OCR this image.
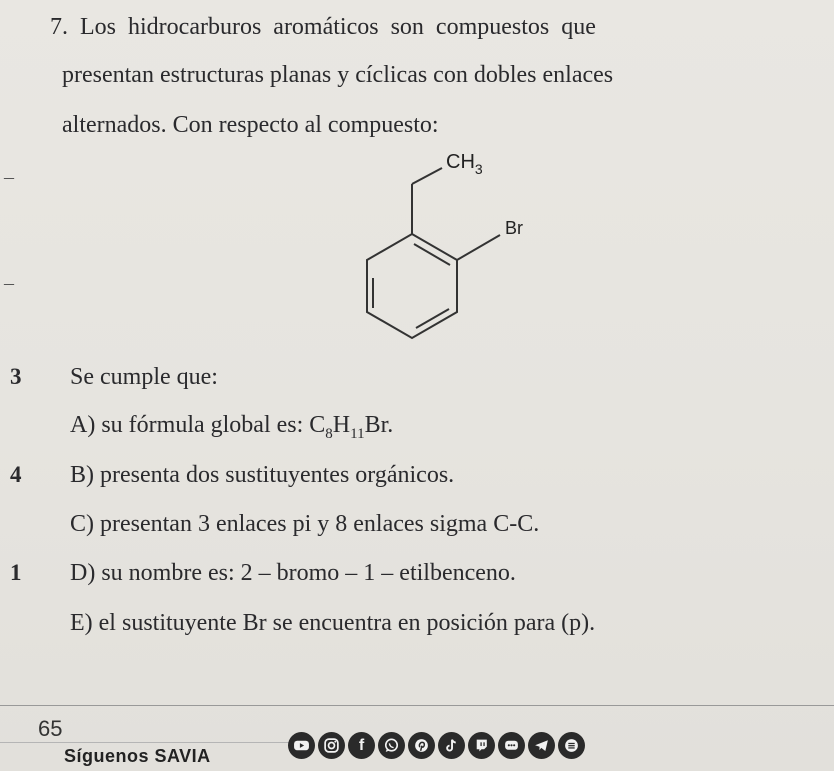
7. Los hidrocarburos aromáticos son compuestos que
presentan estructuras planas y cíclicas con dobles enlaces
alternados. Con respecto al compuesto:
–
–
$CH_3$
Br
3 Se cumple que:
A) su fórmula global es: $C_8H_{11}Br$.
4 B) presenta dos sustituyentes orgánicos.
C) presentan 3 enlaces pi y 8 enlaces sigma C-C.
1 D) su nombre es: 2 – bromo – 1 – etilbenceno.
E) el sustituyente Br se encuentra en posición para (p).
65
Síguenos SAVIA
f
